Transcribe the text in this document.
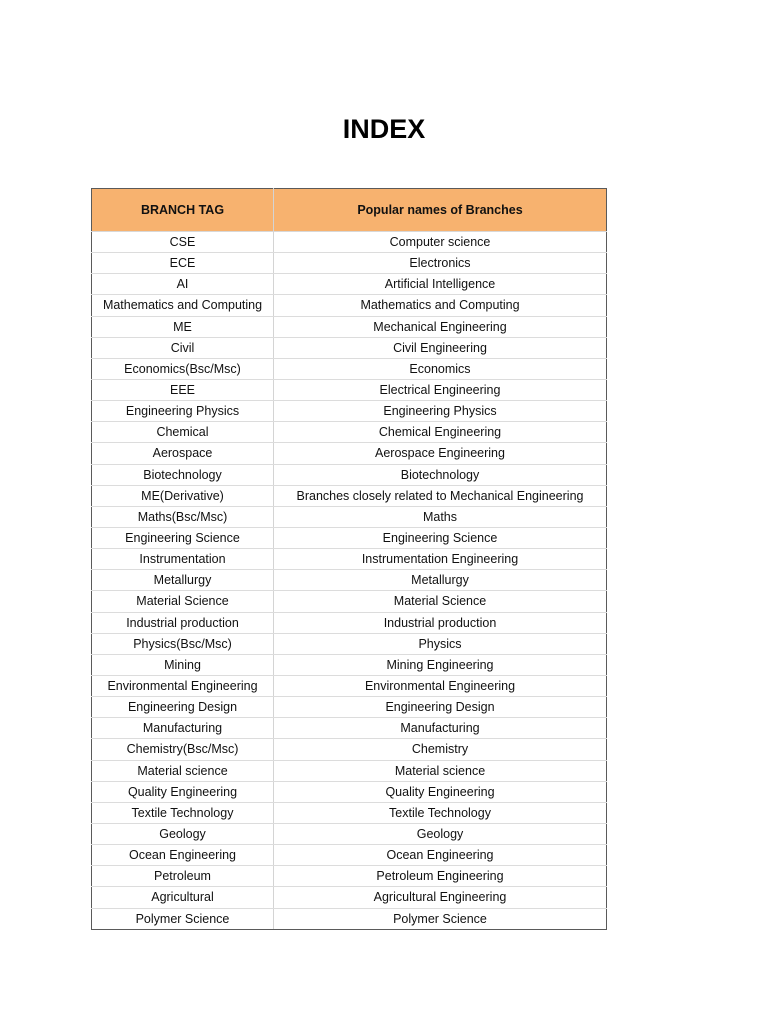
INDEX
BRANCH TAG	Popular names of Branches
CSE	Computer science
ECE	Electronics
AI	Artificial Intelligence
Mathematics and Computing	Mathematics and Computing
ME	Mechanical Engineering
Civil	Civil Engineering
Economics(Bsc/Msc)	Economics
EEE	Electrical Engineering
Engineering Physics	Engineering Physics
Chemical	Chemical Engineering
Aerospace	Aerospace Engineering
Biotechnology	Biotechnology
ME(Derivative)	Branches closely related to Mechanical Engineering
Maths(Bsc/Msc)	Maths
Engineering Science	Engineering Science
Instrumentation	Instrumentation Engineering
Metallurgy	Metallurgy
Material Science	Material Science
Industrial production	Industrial production
Physics(Bsc/Msc)	Physics
Mining	Mining Engineering
Environmental Engineering	Environmental Engineering
Engineering Design	Engineering Design
Manufacturing	Manufacturing
Chemistry(Bsc/Msc)	Chemistry
Material science	Material science
Quality Engineering	Quality Engineering
Textile Technology	Textile Technology
Geology	Geology
Ocean Engineering	Ocean Engineering
Petroleum	Petroleum Engineering
Agricultural	Agricultural Engineering
Polymer Science	Polymer Science
